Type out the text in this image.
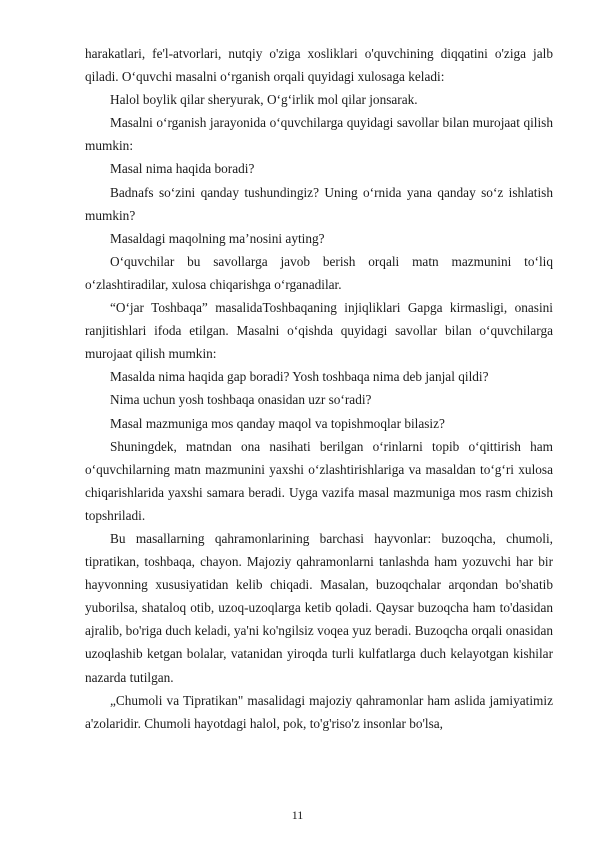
harakatlari, fe'l-atvorlari, nutqiy o'ziga xosliklari o'quvchining diqqatini o'ziga jalb qiladi. O‘quvchi masalni o‘rganish orqali quyidagi xulosaga keladi:

Halol boylik qilar sheryurak, O‘g‘irlik mol qilar jonsarak.

Masalni o‘rganish jarayonida o‘quvchilarga quyidagi savollar bilan murojaat qilish mumkin:

Masal nima haqida boradi?

Badnafs so‘zini qanday tushundingiz? Uning o‘rnida yana qanday so‘z ishlatish mumkin?

Masaldagi maqolning ma’nosini ayting?

O‘quvchilar bu savollarga javob berish orqali matn mazmunini to‘liq o‘zlashtiradilar, xulosa chiqarishga o‘rganadilar.

“O‘jar Toshbaqa” masalidaToshbaqaning injiqliklari Gapga kirmasligi, onasini ranjitishlari ifoda etilgan. Masalni o‘qishda quyidagi savollar bilan o‘quvchilarga murojaat qilish mumkin:

Masalda nima haqida gap boradi? Yosh toshbaqa nima deb janjal qildi?

Nima uchun yosh toshbaqa onasidan uzr so‘radi?

Masal mazmuniga mos qanday maqol va topishmoqlar bilasiz?

Shuningdek, matndan ona nasihati berilgan o‘rinlarni topib o‘qittirish ham o‘quvchilarning matn mazmunini yaxshi o‘zlashtirishlariga va masaldan to‘g‘ri xulosa chiqarishlarida yaxshi samara beradi. Uyga vazifa masal mazmuniga mos rasm chizish topshriladi.

Bu masallarning qahramonlarining barchasi hayvonlar: buzoqcha, chumoli, tipratikan, toshbaqa, chayon. Majoziy qahramonlarni tanlashda ham yozuvchi har bir hayvonning xususiyatidan kelib chiqadi. Masalan, buzoqchalar arqondan bo'shatib yuborilsa, shataloq otib, uzoq-uzoqlarga ketib qoladi. Qaysar buzoqcha ham to'dasidan ajralib, bo'riga duch keladi, ya'ni ko'ngilsiz voqea yuz beradi. Buzoqcha orqali onasidan uzoqlashib ketgan bolalar, vatanidan yiroqda turli kulfatlarga duch kelayotgan kishilar nazarda tutilgan.

„Chumoli va Tipratikan" masalidagi majoziy qahramonlar ham aslida jamiyatimiz a'zolaridir. Chumoli hayotdagi halol, pok, to'g'riso'z insonlar bo'lsa,

11
